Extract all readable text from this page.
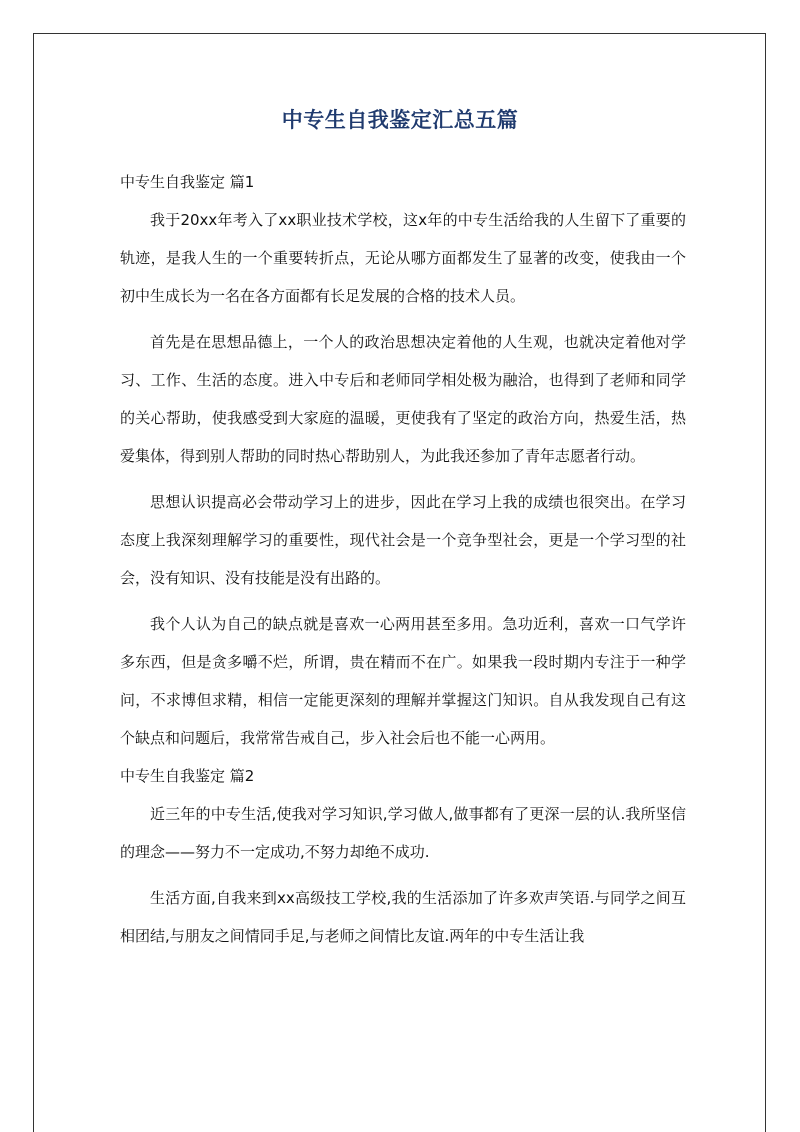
中专生自我鉴定汇总五篇

中专生自我鉴定 篇1

我于20xx年考入了xx职业技术学校，这x年的中专生活给我的人生留下了重要的轨迹，是我人生的一个重要转折点，无论从哪方面都发生了显著的改变，使我由一个初中生成长为一名在各方面都有长足发展的合格的技术人员。

首先是在思想品德上，一个人的政治思想决定着他的人生观，也就决定着他对学习、工作、生活的态度。进入中专后和老师同学相处极为融洽，也得到了老师和同学的关心帮助，使我感受到大家庭的温暖，更使我有了坚定的政治方向，热爱生活，热爱集体，得到别人帮助的同时热心帮助别人，为此我还参加了青年志愿者行动。

思想认识提高必会带动学习上的进步，因此在学习上我的成绩也很突出。在学习态度上我深刻理解学习的重要性，现代社会是一个竞争型社会，更是一个学习型的社会，没有知识、没有技能是没有出路的。

我个人认为自己的缺点就是喜欢一心两用甚至多用。急功近利，喜欢一口气学许多东西，但是贪多嚼不烂，所谓，贵在精而不在广。如果我一段时期内专注于一种学问，不求博但求精，相信一定能更深刻的理解并掌握这门知识。自从我发现自己有这个缺点和问题后，我常常告戒自己，步入社会后也不能一心两用。

中专生自我鉴定 篇2

近三年的中专生活,使我对学习知识,学习做人,做事都有了更深一层的认.我所坚信的理念——努力不一定成功,不努力却绝不成功.

生活方面,自我来到xx高级技工学校,我的生活添加了许多欢声笑语.与同学之间互相团结,与朋友之间情同手足,与老师之间情比友谊.两年的中专生活让我
